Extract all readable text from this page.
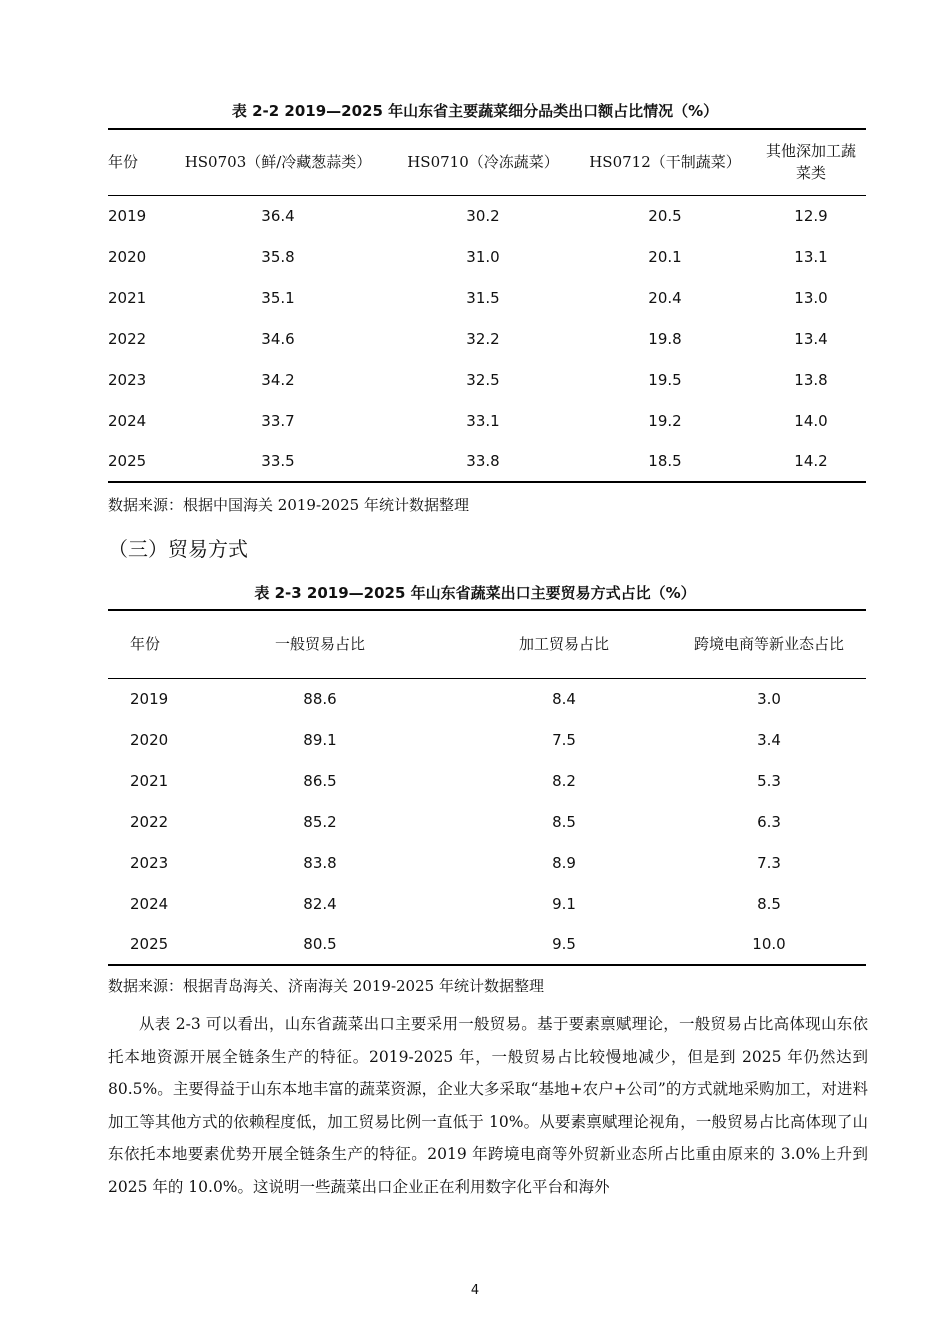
表 2-2 2019—2025 年山东省主要蔬菜细分品类出口额占比情况（%）
年份	HS0703（鲜/冷藏葱蒜类）	HS0710（冷冻蔬菜）	HS0712（干制蔬菜）	其他深加工蔬菜类
2019	36.4	30.2	20.5	12.9
2020	35.8	31.0	20.1	13.1
2021	35.1	31.5	20.4	13.0
2022	34.6	32.2	19.8	13.4
2023	34.2	32.5	19.5	13.8
2024	33.7	33.1	19.2	14.0
2025	33.5	33.8	18.5	14.2
数据来源：根据中国海关 2019-2025 年统计数据整理
（三）贸易方式
表 2-3 2019—2025 年山东省蔬菜出口主要贸易方式占比（%）
年份	一般贸易占比	加工贸易占比	跨境电商等新业态占比
2019	88.6	8.4	3.0
2020	89.1	7.5	3.4
2021	86.5	8.2	5.3
2022	85.2	8.5	6.3
2023	83.8	8.9	7.3
2024	82.4	9.1	8.5
2025	80.5	9.5	10.0
数据来源：根据青岛海关、济南海关 2019-2025 年统计数据整理
从表 2-3 可以看出，山东省蔬菜出口主要采用一般贸易。基于要素禀赋理论，一般贸易占比高体现山东依托本地资源开展全链条生产的特征。2019-2025 年，一般贸易占比较慢地减少，但是到 2025 年仍然达到 80.5%。主要得益于山东本地丰富的蔬菜资源，企业大多采取“基地+农户+公司”的方式就地采购加工，对进料加工等其他方式的依赖程度低，加工贸易比例一直低于 10%。从要素禀赋理论视角，一般贸易占比高体现了山东依托本地要素优势开展全链条生产的特征。2019 年跨境电商等外贸新业态所占比重由原来的 3.0%上升到 2025 年的 10.0%。这说明一些蔬菜出口企业正在利用数字化平台和海外
4
